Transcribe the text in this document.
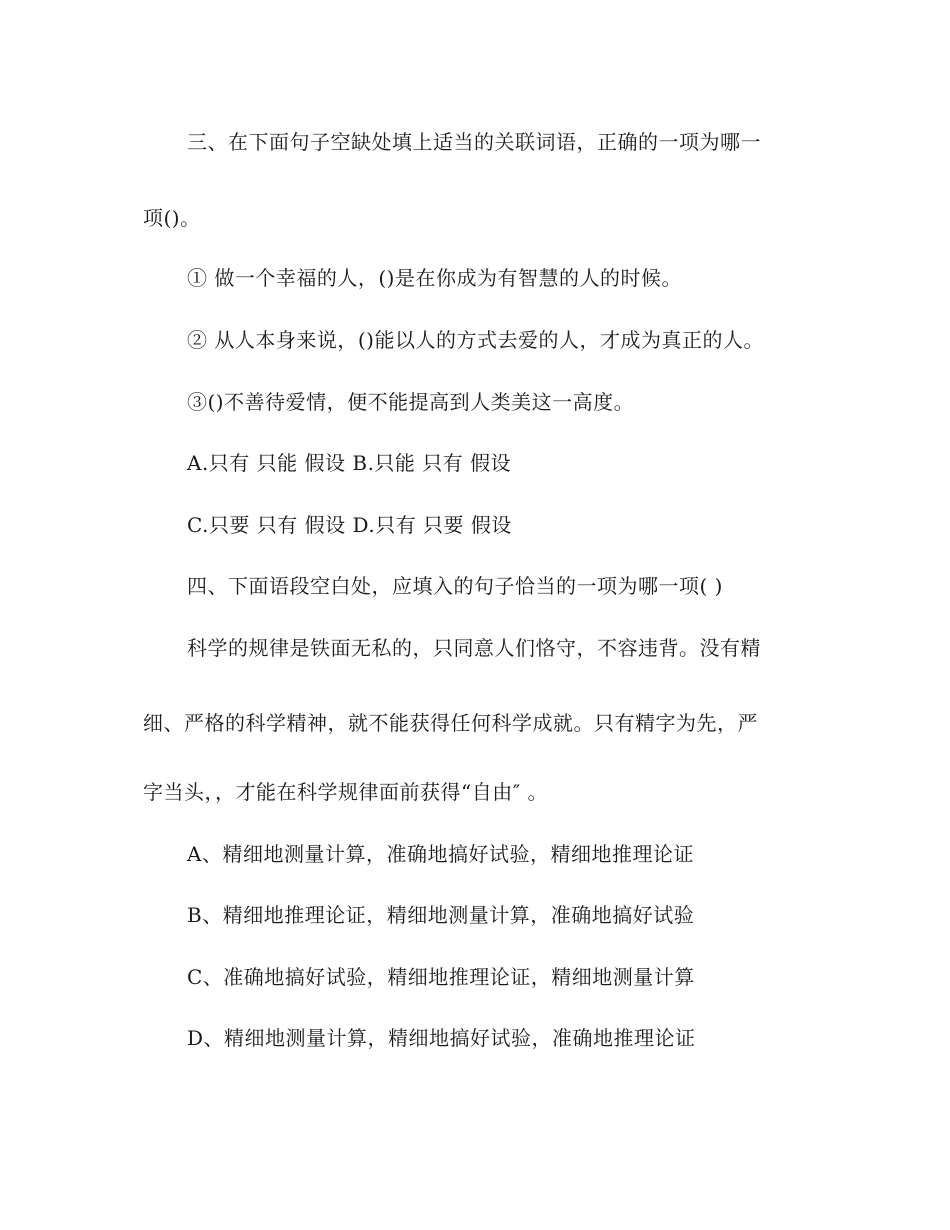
三、在下面句子空缺处填上适当的关联词语，正确的一项为哪一
项()。
① 做一个幸福的人，()是在你成为有智慧的人的时候。
② 从人本身来说，()能以人的方式去爱的人，才成为真正的人。
③()不善待爱情，便不能提高到人类美这一高度。
A.只有 只能 假设 B.只能 只有 假设
C.只要 只有 假设 D.只有 只要 假设
四、下面语段空白处，应填入的句子恰当的一项为哪一项( )
科学的规律是铁面无私的，只同意人们恪守，不容违背。没有精
细、严格的科学精神，就不能获得任何科学成就。只有精字为先，严
字当头，，才能在科学规律面前获得“自由″ 。
A、精细地测量计算，准确地搞好试验，精细地推理论证
B、精细地推理论证，精细地测量计算，准确地搞好试验
C、准确地搞好试验，精细地推理论证，精细地测量计算
D、精细地测量计算，精细地搞好试验，准确地推理论证
